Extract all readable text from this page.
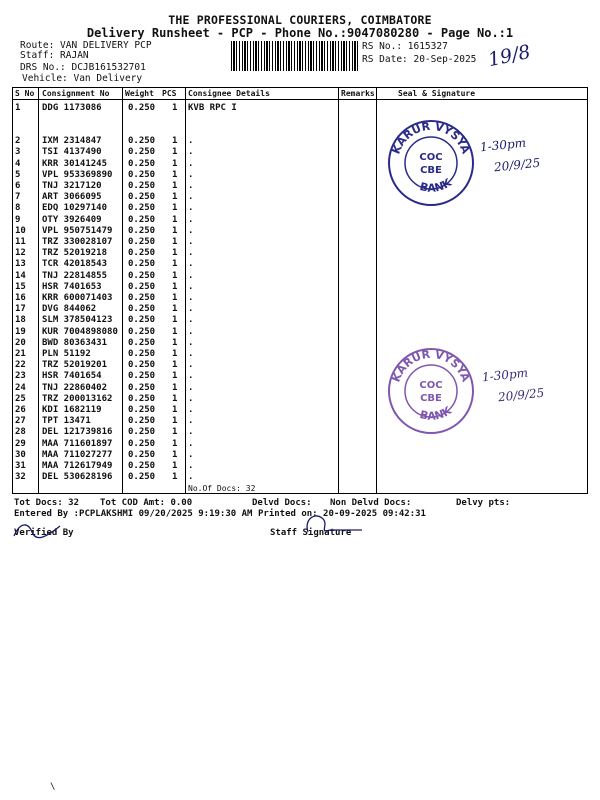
THE PROFESSIONAL COURIERS, COIMBATORE
Delivery Runsheet - PCP - Phone No.:9047080280 - Page No.:1
Route: VAN DELIVERY PCP
Staff: RAJAN
DRS No.: DCJB161532701
Vehicle: Van Delivery
RS No.: 1615327
RS Date: 20-Sep-2025 19/8
S No Consignment No Weight PCS Consignee Details	Remarks	Seal & Signature
1 DDG 1173086	0.250 1 KVB RPC I
2 IXM 2314847	0.250 1 .
3 TSI 4137490	0.250 1 .
4 KRR 30141245 0.250 1 .
5 VPL 953369890 0.250 1 .
6 TNJ 3217120	0.250 1 .
7 ART 3066095	0.250 1 .
8 EDQ 10297140 0.250 1 .
9 OTY 3926409	0.250 1 .
10 VPL 950751479 0.250 1 .
11 TRZ 330028107 0.250 1 .
12 TRZ 52019218 0.250 1 .
13 TCR 42018543 0.250 1 .
14 TNJ 22814855 0.250 1 .
15 HSR 7401653	0.250 1 .
16 KRR 600071403 0.250 1 .
17 DVG 844062	0.250 1 .
18 SLM 378504123 0.250 1 .
19 KUR 7004898080 0.250 1 .
20 BWD 80363431 0.250 1 .
21 PLN 51192	0.250 1 .
22 TRZ 52019201 0.250 1 .
23 HSR 7401654	0.250 1 .
24 TNJ 22860402 0.250 1 .
25 TRZ 200013162 0.250 1 .
26 KDI 1682119	0.250 1 .
27 TPT 13471	0.250 1 .
28 DEL 121739816 0.250 1 .
29 MAA 711601897 0.250 1 .
30 MAA 711027277 0.250 1 .
31 MAA 712617949 0.250 1 .
32 DEL 530628196 0.250 1 .
No.Of Docs: 32
KARUR VYSYA
BANK
COC
CBE
1-30pm
20/9/25
KARUR VYSYA
BANK
COC
CBE
1-30pm
20/9/25
Tot Docs: 32 Tot COD Amt: 0.00	Delvd Docs: Non Delvd Docs:	Delvy pts:
Entered By :PCPLAKSHMI 09/20/2025 9:19:30 AM Printed on: 20-09-2025 09:42:31
Verified By	Staff Signature
\
